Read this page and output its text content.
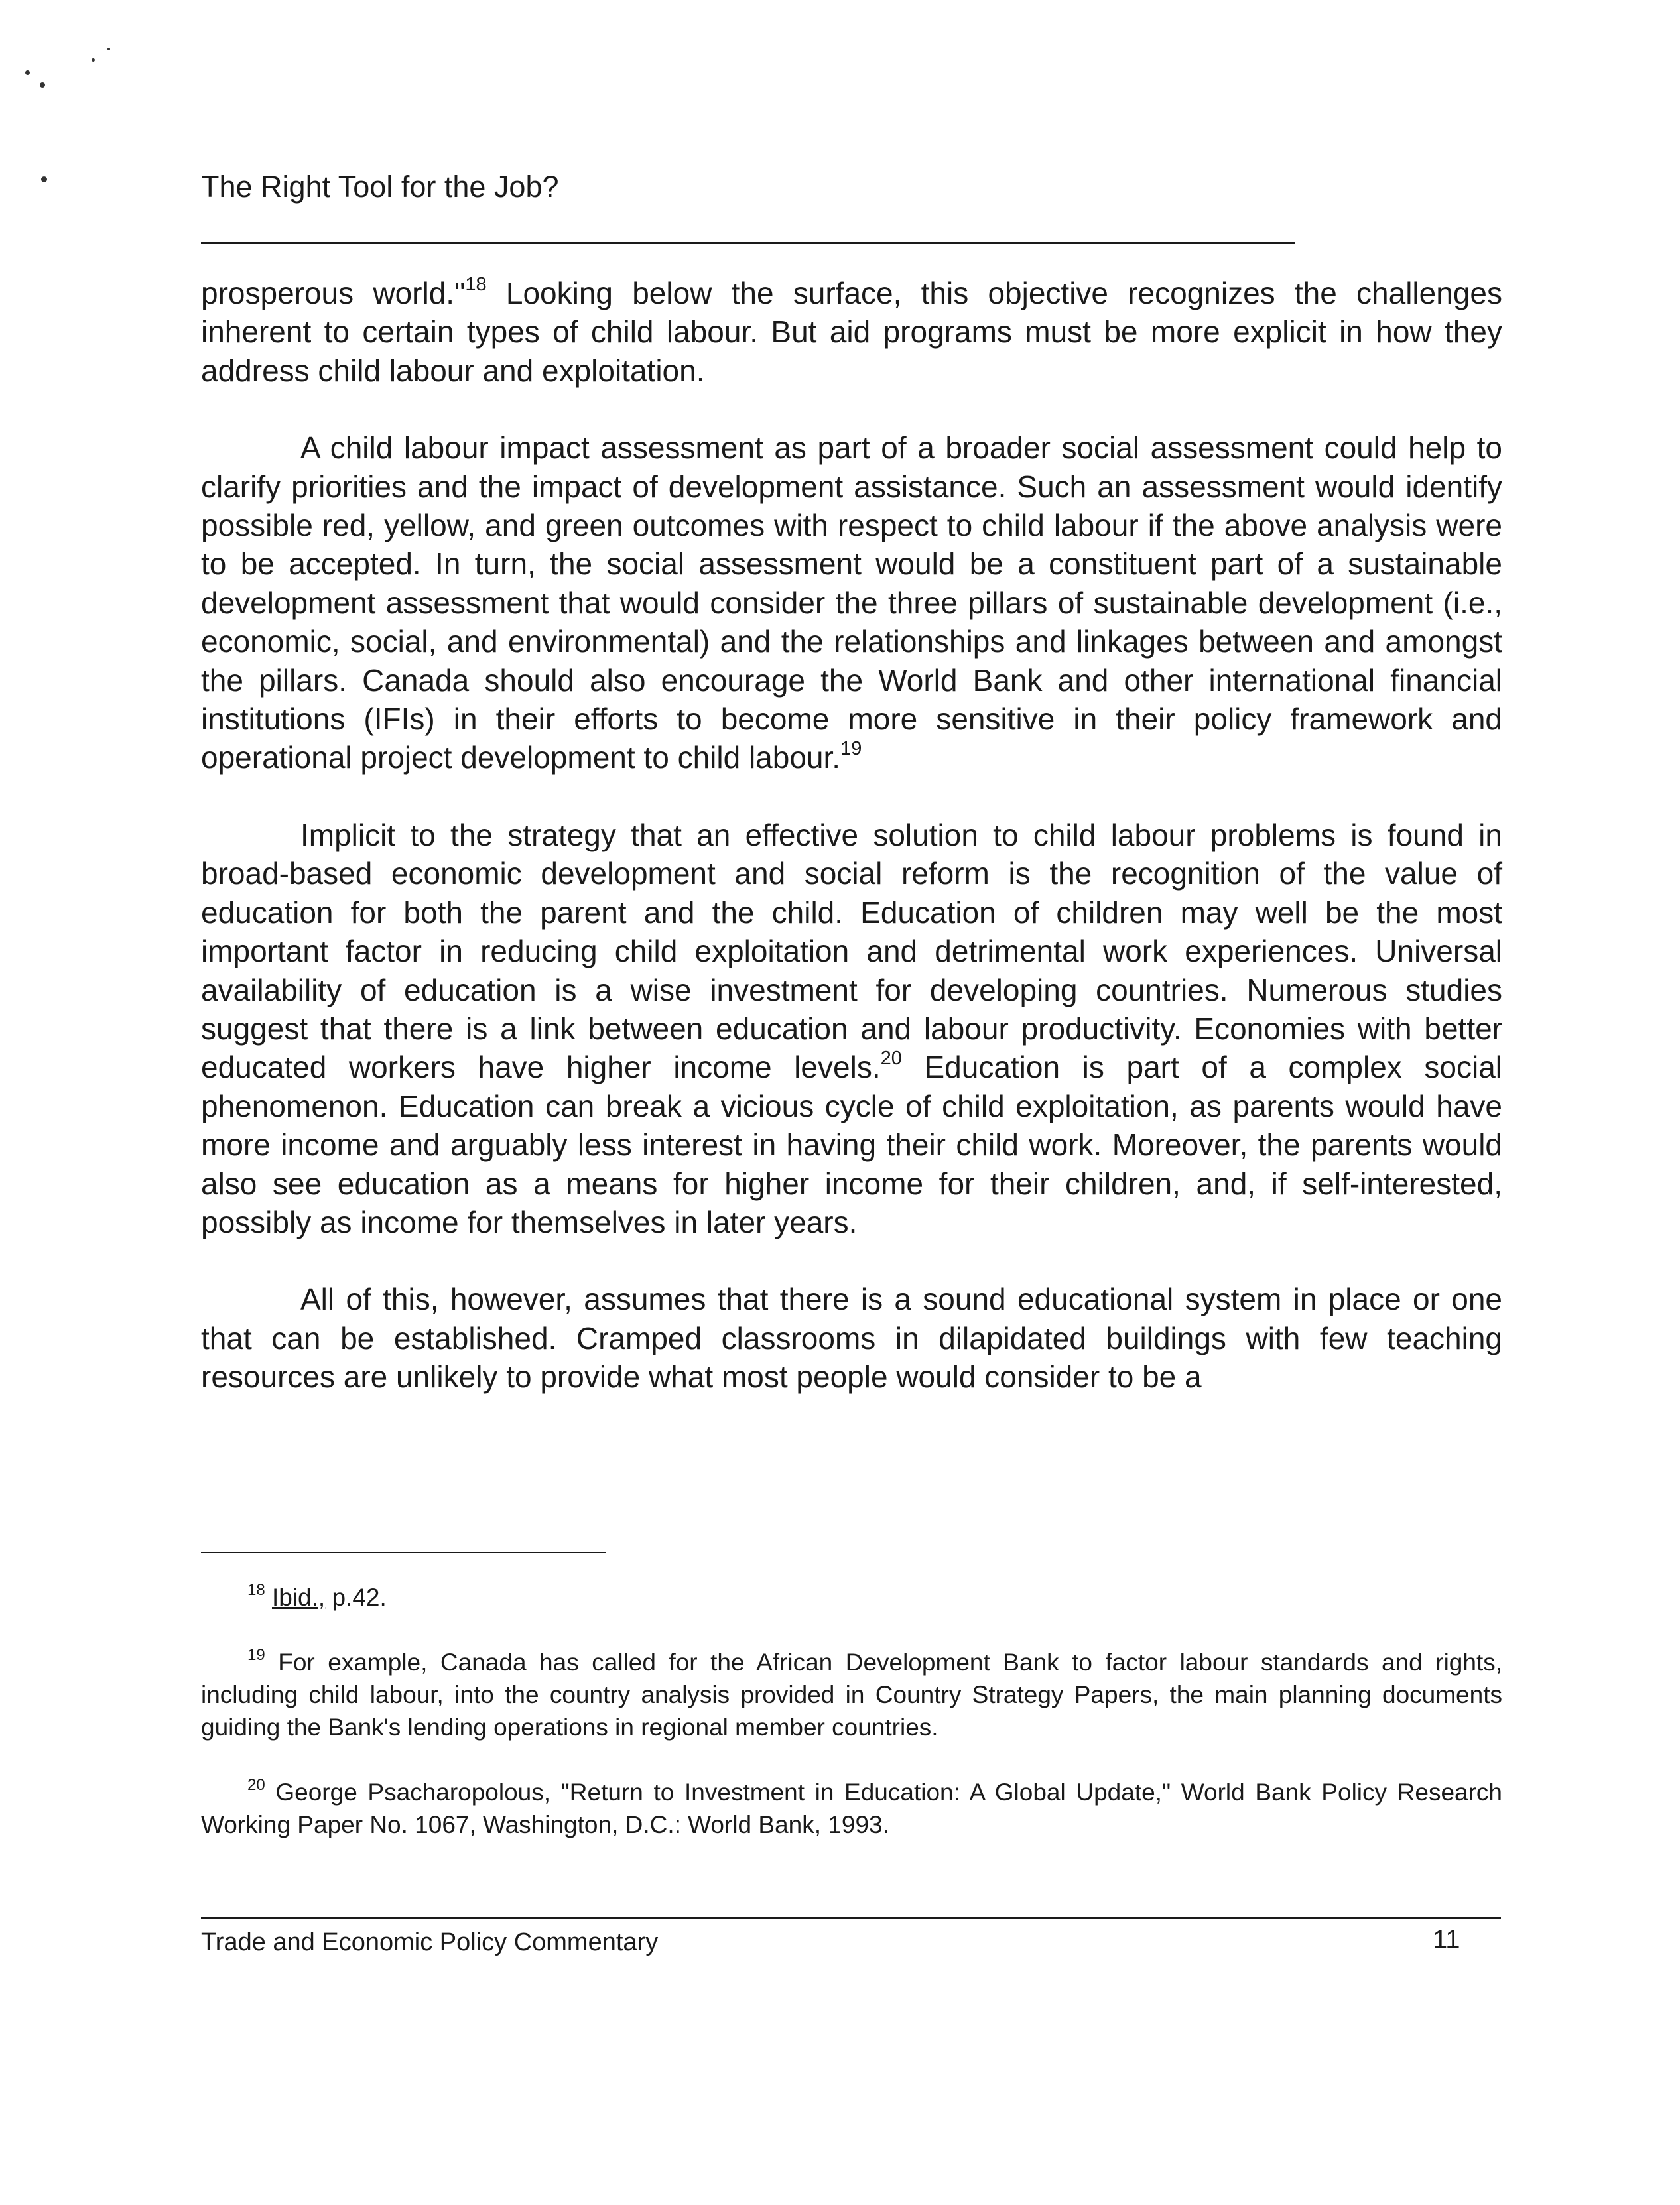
The Right Tool for the Job?

prosperous world."$^{18}$ Looking below the surface, this objective recognizes the challenges inherent to certain types of child labour. But aid programs must be more explicit in how they address child labour and exploitation.

A child labour impact assessment as part of a broader social assessment could help to clarify priorities and the impact of development assistance. Such an assessment would identify possible red, yellow, and green outcomes with respect to child labour if the above analysis were to be accepted. In turn, the social assessment would be a constituent part of a sustainable development assessment that would consider the three pillars of sustainable development (i.e., economic, social, and environmental) and the relationships and linkages between and amongst the pillars. Canada should also encourage the World Bank and other international financial institutions (IFIs) in their efforts to become more sensitive in their policy framework and operational project development to child labour.$^{19}$

Implicit to the strategy that an effective solution to child labour problems is found in broad-based economic development and social reform is the recognition of the value of education for both the parent and the child. Education of children may well be the most important factor in reducing child exploitation and detrimental work experiences. Universal availability of education is a wise investment for developing countries. Numerous studies suggest that there is a link between education and labour productivity. Economies with better educated workers have higher income levels.$^{20}$ Education is part of a complex social phenomenon. Education can break a vicious cycle of child exploitation, as parents would have more income and arguably less interest in having their child work. Moreover, the parents would also see education as a means for higher income for their children, and, if self-interested, possibly as income for themselves in later years.

All of this, however, assumes that there is a sound educational system in place or one that can be established. Cramped classrooms in dilapidated buildings with few teaching resources are unlikely to provide what most people would consider to be a

$^{18}$ Ibid., p.42.

$^{19}$ For example, Canada has called for the African Development Bank to factor labour standards and rights, including child labour, into the country analysis provided in Country Strategy Papers, the main planning documents guiding the Bank's lending operations in regional member countries.

$^{20}$ George Psacharopolous, "Return to Investment in Education: A Global Update," World Bank Policy Research Working Paper No. 1067, Washington, D.C.: World Bank, 1993.

Trade and Economic Policy Commentary	11
